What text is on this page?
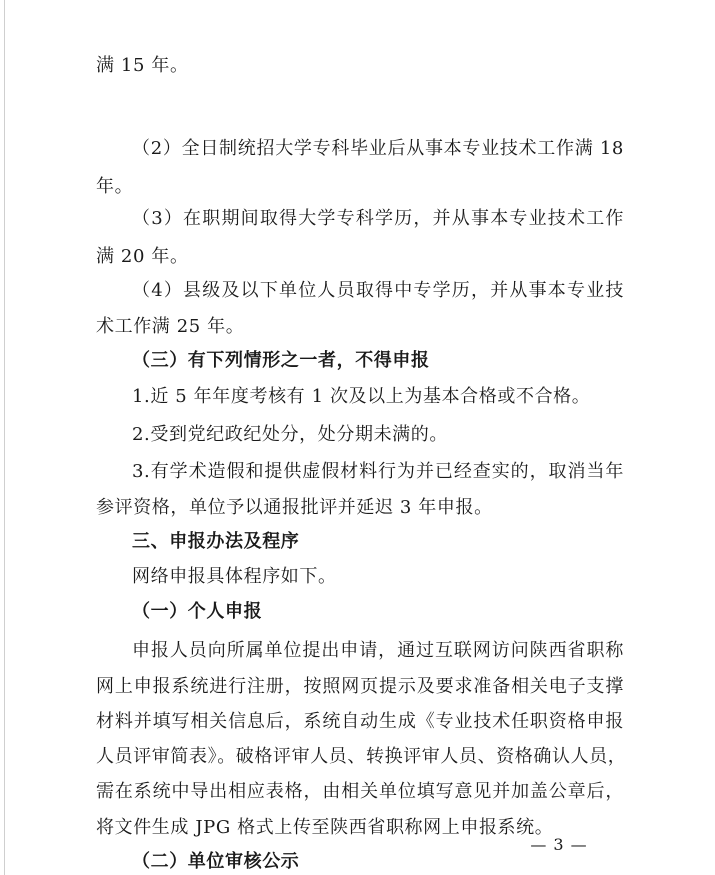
满 15 年。
（2）全日制统招大学专科毕业后从事本专业技术工作满 18
年。
（3）在职期间取得大学专科学历，并从事本专业技术工作
满 20 年。
（4）县级及以下单位人员取得中专学历，并从事本专业技
术工作满 25 年。
（三）有下列情形之一者，不得申报
1.近 5 年年度考核有 1 次及以上为基本合格或不合格。
2.受到党纪政纪处分，处分期未满的。
3.有学术造假和提供虚假材料行为并已经查实的，取消当年
参评资格，单位予以通报批评并延迟 3 年申报。
三、申报办法及程序
网络申报具体程序如下。
（一）个人申报
申报人员向所属单位提出申请，通过互联网访问陕西省职称
网上申报系统进行注册，按照网页提示及要求准备相关电子支撑
材料并填写相关信息后，系统自动生成《专业技术任职资格申报
人员评审简表》。破格评审人员、转换评审人员、资格确认人员，
需在系统中导出相应表格，由相关单位填写意见并加盖公章后，
将文件生成 JPG 格式上传至陕西省职称网上申报系统。
（二）单位审核公示
— 3 —
